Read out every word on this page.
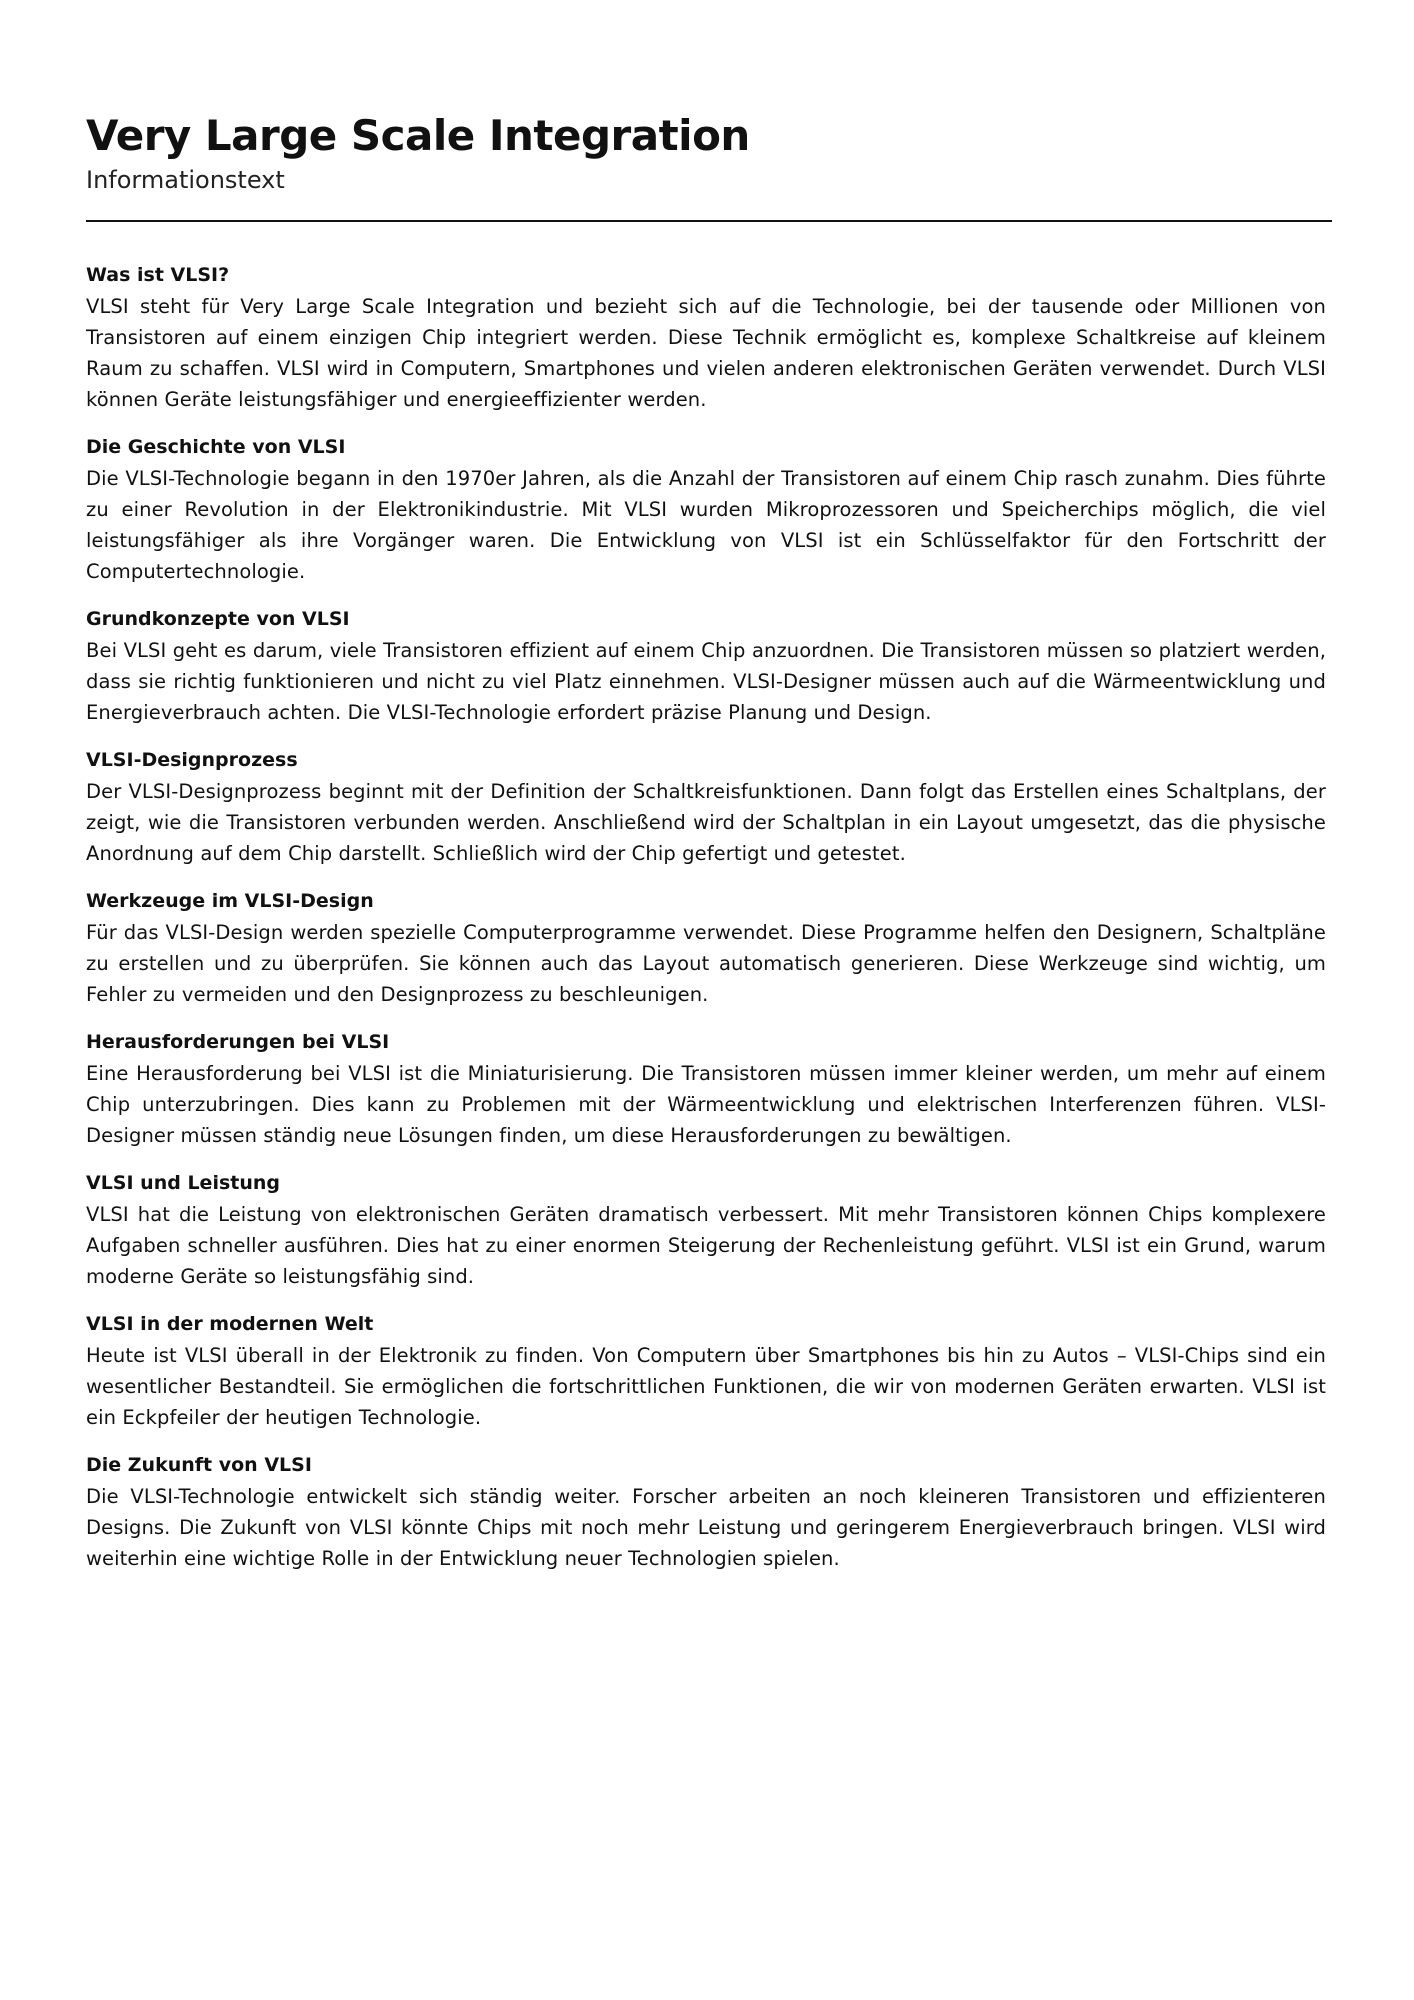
Very Large Scale Integration

Informationstext

Was ist VLSI?

VLSI steht für Very Large Scale Integration und bezieht sich auf die Technologie, bei der tausende oder Millionen von Transistoren auf einem einzigen Chip integriert werden. Diese Technik ermöglicht es, komplexe Schaltkreise auf kleinem Raum zu schaffen. VLSI wird in Computern, Smartphones und vielen anderen elektronischen Geräten verwendet. Durch VLSI können Geräte leistungsfähiger und energieeffizienter werden.

Die Geschichte von VLSI

Die VLSI-Technologie begann in den 1970er Jahren, als die Anzahl der Transistoren auf einem Chip rasch zunahm. Dies führte zu einer Revolution in der Elektronikindustrie. Mit VLSI wurden Mikroprozessoren und Speicherchips möglich, die viel leistungsfähiger als ihre Vorgänger waren. Die Entwicklung von VLSI ist ein Schlüsselfaktor für den Fortschritt der Computertechnologie.

Grundkonzepte von VLSI

Bei VLSI geht es darum, viele Transistoren effizient auf einem Chip anzuordnen. Die Transistoren müssen so platziert werden, dass sie richtig funktionieren und nicht zu viel Platz einnehmen. VLSI-Designer müssen auch auf die Wärmeentwicklung und Energieverbrauch achten. Die VLSI-Technologie erfordert präzise Planung und Design.

VLSI-Designprozess

Der VLSI-Designprozess beginnt mit der Definition der Schaltkreisfunktionen. Dann folgt das Erstellen eines Schaltplans, der zeigt, wie die Transistoren verbunden werden. Anschließend wird der Schaltplan in ein Layout umgesetzt, das die physische Anordnung auf dem Chip darstellt. Schließlich wird der Chip gefertigt und getestet.

Werkzeuge im VLSI-Design

Für das VLSI-Design werden spezielle Computerprogramme verwendet. Diese Programme helfen den Designern, Schaltpläne zu erstellen und zu überprüfen. Sie können auch das Layout automatisch generieren. Diese Werkzeuge sind wichtig, um Fehler zu vermeiden und den Designprozess zu beschleunigen.

Herausforderungen bei VLSI

Eine Herausforderung bei VLSI ist die Miniaturisierung. Die Transistoren müssen immer kleiner werden, um mehr auf einem Chip unterzubringen. Dies kann zu Problemen mit der Wärmeentwicklung und elektrischen Interferenzen führen. VLSI-Designer müssen ständig neue Lösungen finden, um diese Herausforderungen zu bewältigen.

VLSI und Leistung

VLSI hat die Leistung von elektronischen Geräten dramatisch verbessert. Mit mehr Transistoren können Chips komplexere Aufgaben schneller ausführen. Dies hat zu einer enormen Steigerung der Rechenleistung geführt. VLSI ist ein Grund, warum moderne Geräte so leistungsfähig sind.

VLSI in der modernen Welt

Heute ist VLSI überall in der Elektronik zu finden. Von Computern über Smartphones bis hin zu Autos – VLSI-Chips sind ein wesentlicher Bestandteil. Sie ermöglichen die fortschrittlichen Funktionen, die wir von modernen Geräten erwarten. VLSI ist ein Eckpfeiler der heutigen Technologie.

Die Zukunft von VLSI

Die VLSI-Technologie entwickelt sich ständig weiter. Forscher arbeiten an noch kleineren Transistoren und effizienteren Designs. Die Zukunft von VLSI könnte Chips mit noch mehr Leistung und geringerem Energieverbrauch bringen. VLSI wird weiterhin eine wichtige Rolle in der Entwicklung neuer Technologien spielen.
